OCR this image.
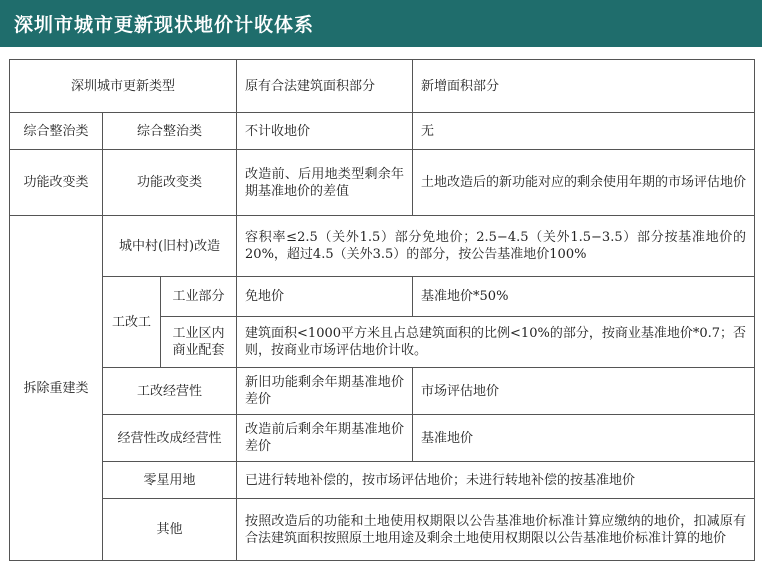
深圳市城市更新现状地价计收体系
深圳城市更新类型			原有合法建筑面积部分	新增面积部分
综合整治类	综合整治类		不计收地价	无
功能改变类	功能改变类		改造前、后用地类型剩余年期基准地价的差值	土地改造后的新功能对应的剩余使用年期的市场评估地价
拆除重建类	城中村(旧村)改造		容积率≤2.5（关外1.5）部分免地价；2.5−4.5（关外1.5−3.5）部分按基准地价的20%，超过4.5（关外3.5）的部分，按公告基准地价100%	
	工改工	工业部分	免地价	基准地价*50%
		工业区内商业配套	建筑面积<1000平方米且占总建筑面积的比例<10%的部分，按商业基准地价*0.7；否则，按商业市场评估地价计收。	
	工改经营性		新旧功能剩余年期基准地价差价	市场评估地价
	经营性改成经营性		改造前后剩余年期基准地价差价	基准地价
	零星用地		已进行转地补偿的，按市场评估地价；未进行转地补偿的按基准地价	
	其他		按照改造后的功能和土地使用权期限以公告基准地价标准计算应缴纳的地价，扣减原有合法建筑面积按照原土地用途及剩余土地使用权期限以公告基准地价标准计算的地价	
